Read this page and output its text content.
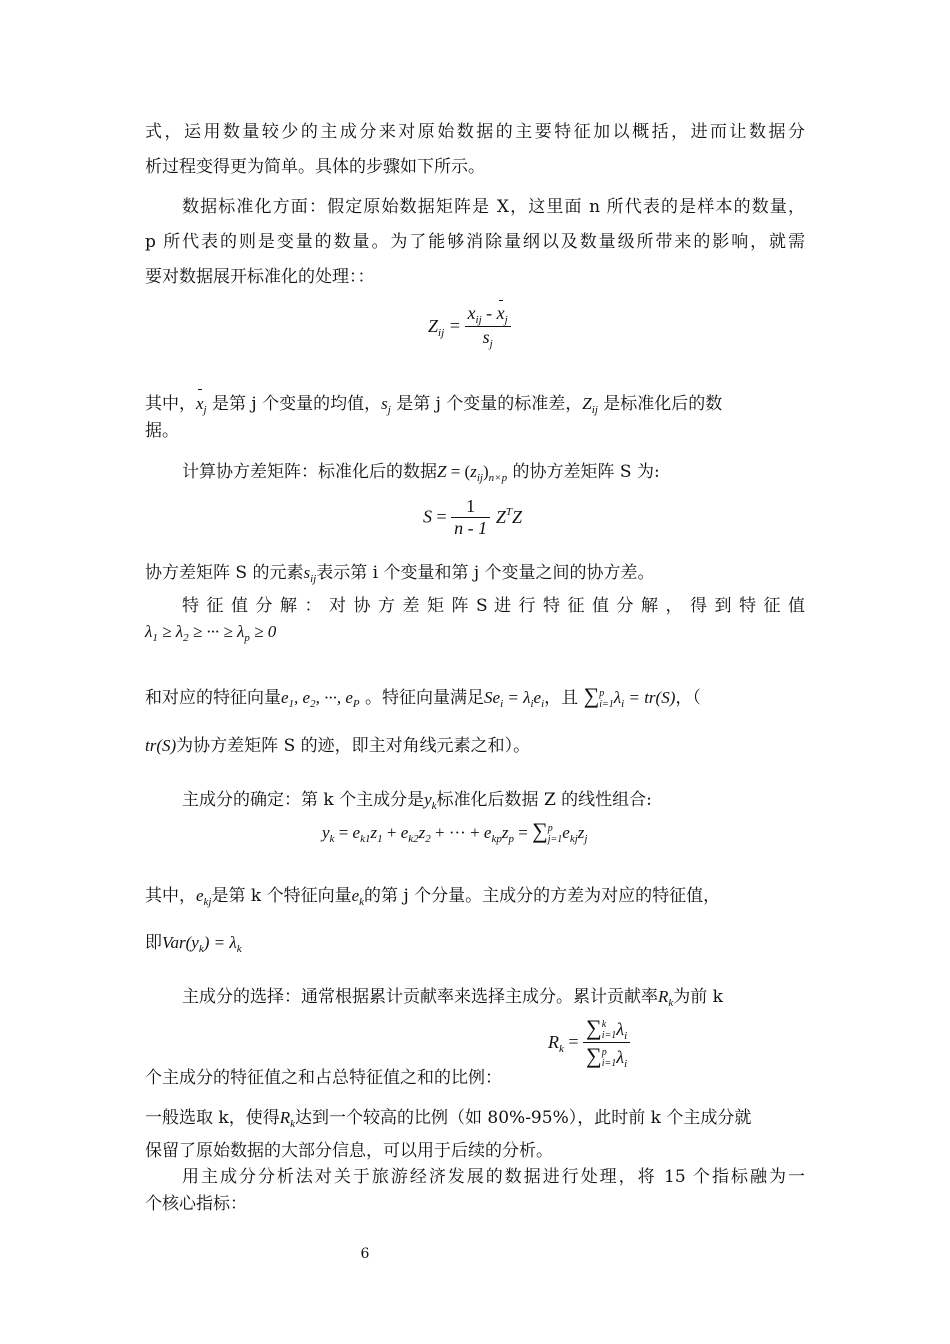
式，运用数量较少的主成分来对原始数据的主要特征加以概括，进而让数据分
析过程变得更为简单。具体的步骤如下所示。
数据标准化方面：假定原始数据矩阵是 X，这里面 n 所代表的是样本的数量，
p 所代表的则是变量的数量。为了能够消除量纲以及数量级所带来的影响，就需
要对数据展开标准化的处理：：
$Z_{ij} = \frac{x_{ij} - x_j}{s_j}$
其中，$x_j$ 是第 j 个变量的均值，$s_j$ 是第 j 个变量的标准差，$Z_{ij}$ 是标准化后的数
据。
计算协方差矩阵：标准化后的数据$Z = (z_{ij})_{n\times p}$ 的协方差矩阵 S 为:
$S = \frac{1}{n - 1} Z^TZ$
协方差矩阵 S 的元素$s_{ij}$表示第 i 个变量和第 j 个变量之间的协方差。
特 征 值 分 解 ： 对 协 方 差 矩 阵 S 进 行 特 征 值 分 解 ， 得 到 特 征 值
$\lambda_1 \ge \lambda_2$ ≥ ··· ≥ $\lambda_p \ge 0$
和对应的特征向量$e_1$, $e_2$, ···, $e_P$ 。特征向量满足$Se_i = \lambda_ie_i$，且 ∑p
$i=1\lambda_i = tr(S)$，（
tr(S)为协方差矩阵 S 的迹，即主对角线元素之和）。
主成分的确定：第 k 个主成分是$y_k$标准化后数据 Z 的线性组合:
$y_k = e_{k1}z_1 + e_{k2}z_2$ + ··· + $e_{kp}z_p = \sum p$
$j=1e_{kj}z_j$
其中，$e_{kj}$是第 k 个特征向量$e_k$的第 j 个分量。主成分的方差为对应的特征值，
即$Var(y_k) = \lambda_k$
主成分的选择：通常根据累计贡献率来选择主成分。累计贡献率$R_k$为前 k
$R_k$ =
∑k
$i=1\lambda_i$
∑p
$i=1\lambda_i$
个主成分的特征值之和占总特征值之和的比例：
一般选取 k，使得$R_k$达到一个较高的比例（如 80%-95%），此时前 k 个主成分就
保留了原始数据的大部分信息，可以用于后续的分析。
用主成分分析法对关于旅游经济发展的数据进行处理，将 15 个指标融为一
个核心指标：
6
